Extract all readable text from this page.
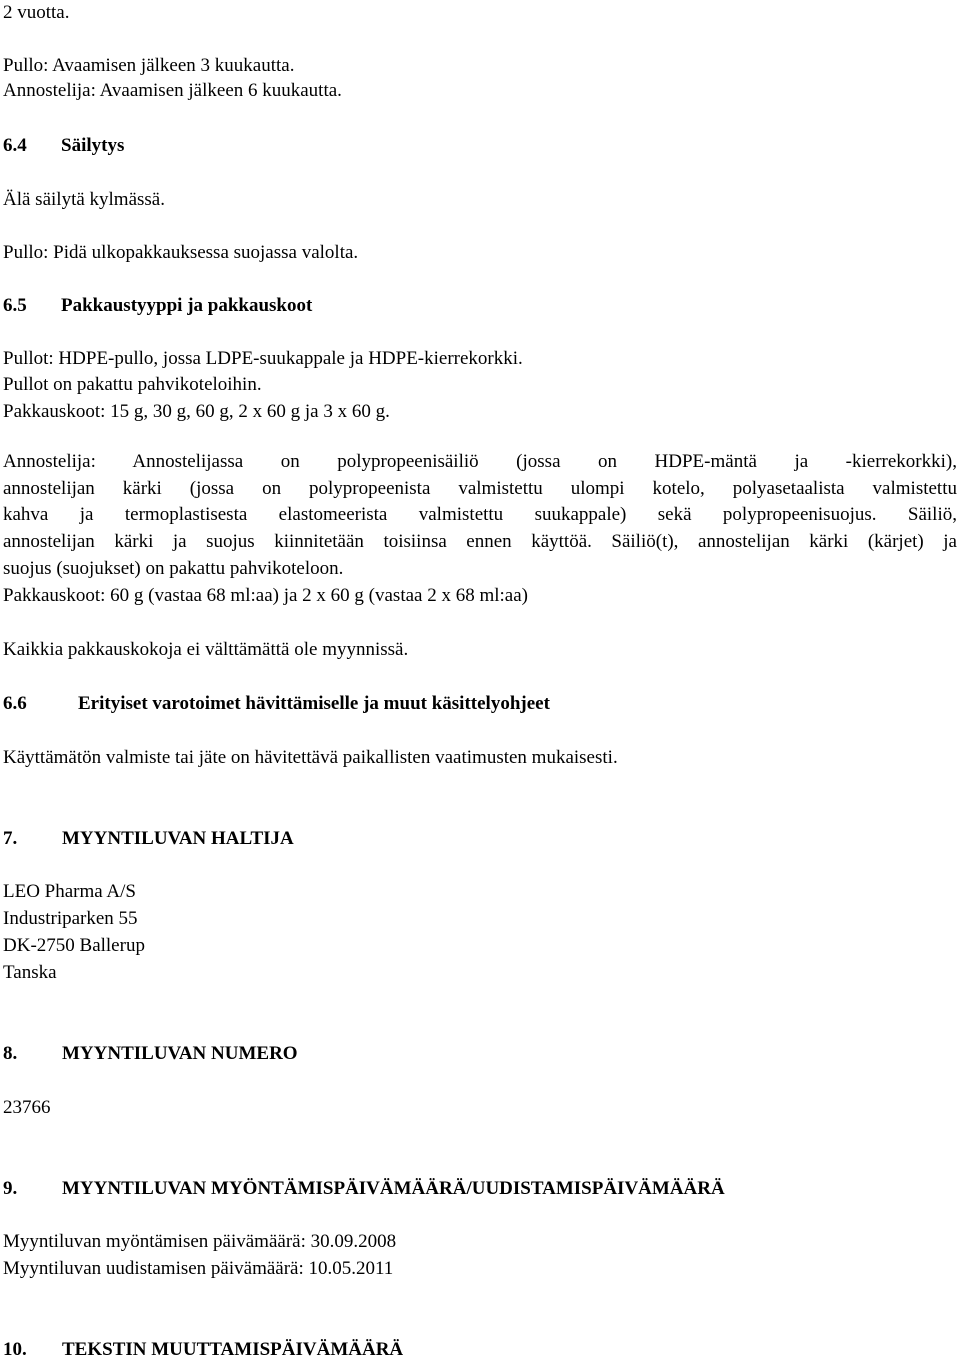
2 vuotta.
Pullo: Avaamisen jälkeen 3 kuukautta.
Annostelija: Avaamisen jälkeen 6 kuukautta.
6.4 Säilytys
Älä säilytä kylmässä.
Pullo: Pidä ulkopakkauksessa suojassa valolta.
6.5 Pakkaustyyppi ja pakkauskoot
Pullot: HDPE-pullo, jossa LDPE-suukappale ja HDPE-kierrekorkki.
Pullot on pakattu pahvikoteloihin.
Pakkauskoot: 15 g, 30 g, 60 g, 2 x 60 g ja 3 x 60 g.
Annostelija: Annostelijassa on polypropeenisäiliö (jossa on HDPE-mäntä ja -kierrekorkki),
annostelijan kärki (jossa on polypropeenista valmistettu ulompi kotelo, polyasetaalista valmistettu
kahva ja termoplastisesta elastomeerista valmistettu suukappale) sekä polypropeenisuojus. Säiliö,
annostelijan kärki ja suojus kiinnitetään toisiinsa ennen käyttöä. Säiliö(t), annostelijan kärki (kärjet) ja
suojus (suojukset) on pakattu pahvikoteloon.
Pakkauskoot: 60 g (vastaa 68 ml:aa) ja 2 x 60 g (vastaa 2 x 68 ml:aa)
Kaikkia pakkauskokoja ei välttämättä ole myynnissä.
6.6	Erityiset varotoimet hävittämiselle ja muut käsittelyohjeet
Käyttämätön valmiste tai jäte on hävitettävä paikallisten vaatimusten mukaisesti.
7. MYYNTILUVAN HALTIJA
LEO Pharma A/S
Industriparken 55
DK-2750 Ballerup
Tanska
8. MYYNTILUVAN NUMERO
23766
9. MYYNTILUVAN MYÖNTÄMISPÄIVÄMÄÄRÄ/UUDISTAMISPÄIVÄMÄÄRÄ
Myyntiluvan myöntämisen päivämäärä: 30.09.2008
Myyntiluvan uudistamisen päivämäärä: 10.05.2011
10. TEKSTIN MUUTTAMISPÄIVÄMÄÄRÄ
